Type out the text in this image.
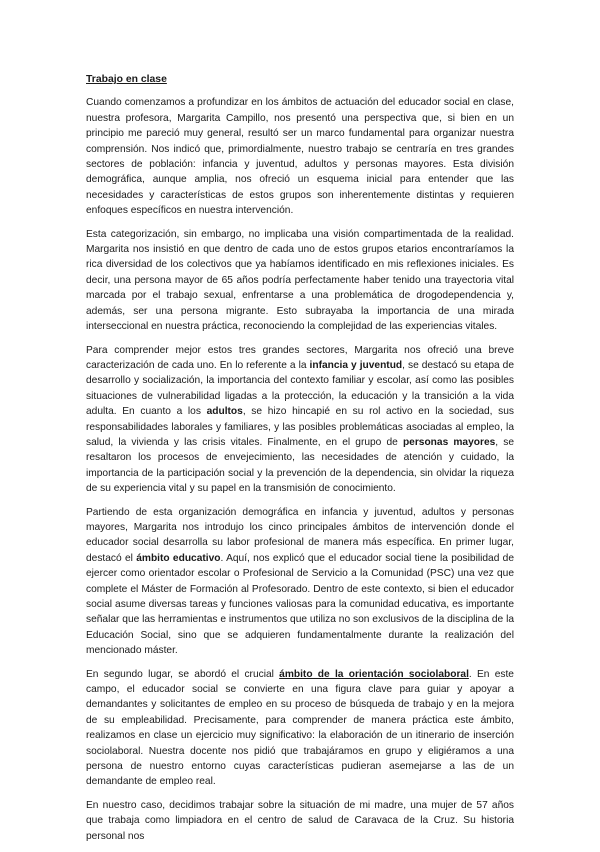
Trabajo en clase

Cuando comenzamos a profundizar en los ámbitos de actuación del educador social en clase, nuestra profesora, Margarita Campillo, nos presentó una perspectiva que, si bien en un principio me pareció muy general, resultó ser un marco fundamental para organizar nuestra comprensión. Nos indicó que, primordialmente, nuestro trabajo se centraría en tres grandes sectores de población: infancia y juventud, adultos y personas mayores. Esta división demográfica, aunque amplia, nos ofreció un esquema inicial para entender que las necesidades y características de estos grupos son inherentemente distintas y requieren enfoques específicos en nuestra intervención.

Esta categorización, sin embargo, no implicaba una visión compartimentada de la realidad. Margarita nos insistió en que dentro de cada uno de estos grupos etarios encontraríamos la rica diversidad de los colectivos que ya habíamos identificado en mis reflexiones iniciales. Es decir, una persona mayor de 65 años podría perfectamente haber tenido una trayectoria vital marcada por el trabajo sexual, enfrentarse a una problemática de drogodependencia y, además, ser una persona migrante. Esto subrayaba la importancia de una mirada interseccional en nuestra práctica, reconociendo la complejidad de las experiencias vitales.

Para comprender mejor estos tres grandes sectores, Margarita nos ofreció una breve caracterización de cada uno. En lo referente a la infancia y juventud, se destacó su etapa de desarrollo y socialización, la importancia del contexto familiar y escolar, así como las posibles situaciones de vulnerabilidad ligadas a la protección, la educación y la transición a la vida adulta. En cuanto a los adultos, se hizo hincapié en su rol activo en la sociedad, sus responsabilidades laborales y familiares, y las posibles problemáticas asociadas al empleo, la salud, la vivienda y las crisis vitales. Finalmente, en el grupo de personas mayores, se resaltaron los procesos de envejecimiento, las necesidades de atención y cuidado, la importancia de la participación social y la prevención de la dependencia, sin olvidar la riqueza de su experiencia vital y su papel en la transmisión de conocimiento.

Partiendo de esta organización demográfica en infancia y juventud, adultos y personas mayores, Margarita nos introdujo los cinco principales ámbitos de intervención donde el educador social desarrolla su labor profesional de manera más específica. En primer lugar, destacó el ámbito educativo. Aquí, nos explicó que el educador social tiene la posibilidad de ejercer como orientador escolar o Profesional de Servicio a la Comunidad (PSC) una vez que complete el Máster de Formación al Profesorado. Dentro de este contexto, si bien el educador social asume diversas tareas y funciones valiosas para la comunidad educativa, es importante señalar que las herramientas e instrumentos que utiliza no son exclusivos de la disciplina de la Educación Social, sino que se adquieren fundamentalmente durante la realización del mencionado máster.

En segundo lugar, se abordó el crucial ámbito de la orientación sociolaboral. En este campo, el educador social se convierte en una figura clave para guiar y apoyar a demandantes y solicitantes de empleo en su proceso de búsqueda de trabajo y en la mejora de su empleabilidad. Precisamente, para comprender de manera práctica este ámbito, realizamos en clase un ejercicio muy significativo: la elaboración de un itinerario de inserción sociolaboral. Nuestra docente nos pidió que trabajáramos en grupo y eligiéramos a una persona de nuestro entorno cuyas características pudieran asemejarse a las de un demandante de empleo real.

En nuestro caso, decidimos trabajar sobre la situación de mi madre, una mujer de 57 años que trabaja como limpiadora en el centro de salud de Caravaca de la Cruz. Su historia personal nos
